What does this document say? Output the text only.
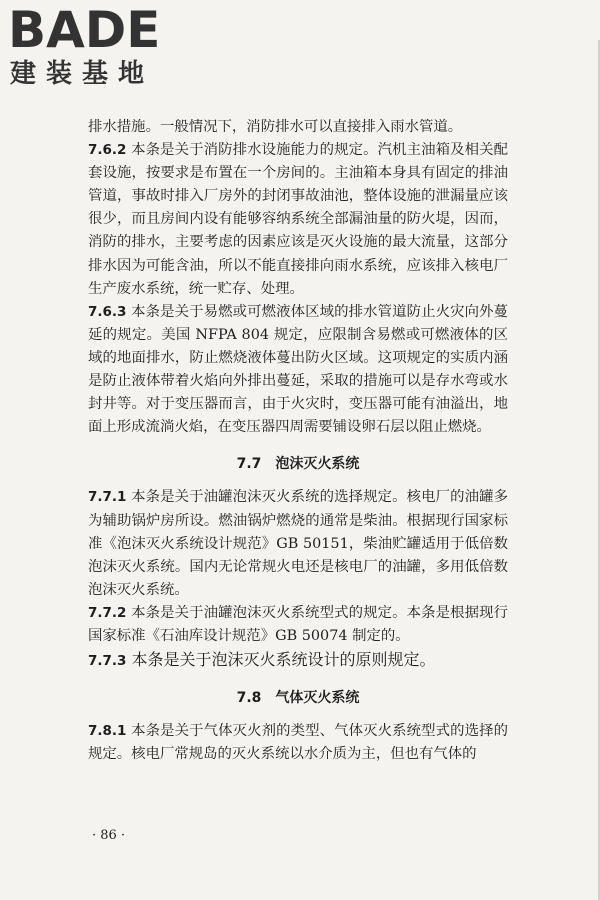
BADE
建装基地

排水措施。一般情况下，消防排水可以直接排入雨水管道。

7.6.2 本条是关于消防排水设施能力的规定。汽机主油箱及相关配套设施，按要求是布置在一个房间的。主油箱本身具有固定的排油管道，事故时排入厂房外的封闭事故油池，整体设施的泄漏量应该很少，而且房间内设有能够容纳系统全部漏油量的防火堤，因而，消防的排水，主要考虑的因素应该是灭火设施的最大流量，这部分排水因为可能含油，所以不能直接排向雨水系统，应该排入核电厂生产废水系统，统一贮存、处理。

7.6.3 本条是关于易燃或可燃液体区域的排水管道防止火灾向外蔓延的规定。美国 NFPA 804 规定，应限制含易燃或可燃液体的区域的地面排水，防止燃烧液体蔓出防火区域。这项规定的实质内涵是防止液体带着火焰向外排出蔓延，采取的措施可以是存水弯或水封井等。对于变压器而言，由于火灾时，变压器可能有油溢出，地面上形成流淌火焰，在变压器四周需要铺设卵石层以阻止燃烧。

7.7　泡沫灭火系统

7.7.1 本条是关于油罐泡沫灭火系统的选择规定。核电厂的油罐多为辅助锅炉房所设。燃油锅炉燃烧的通常是柴油。根据现行国家标准《泡沫灭火系统设计规范》GB 50151，柴油贮罐适用于低倍数泡沫灭火系统。国内无论常规火电还是核电厂的油罐，多用低倍数泡沫灭火系统。

7.7.2 本条是关于油罐泡沫灭火系统型式的规定。本条是根据现行国家标准《石油库设计规范》GB 50074 制定的。

7.7.3 本条是关于泡沫灭火系统设计的原则规定。

7.8　气体灭火系统

7.8.1 本条是关于气体灭火剂的类型、气体灭火系统型式的选择的规定。核电厂常规岛的灭火系统以水介质为主，但也有气体的

· 86 ·
